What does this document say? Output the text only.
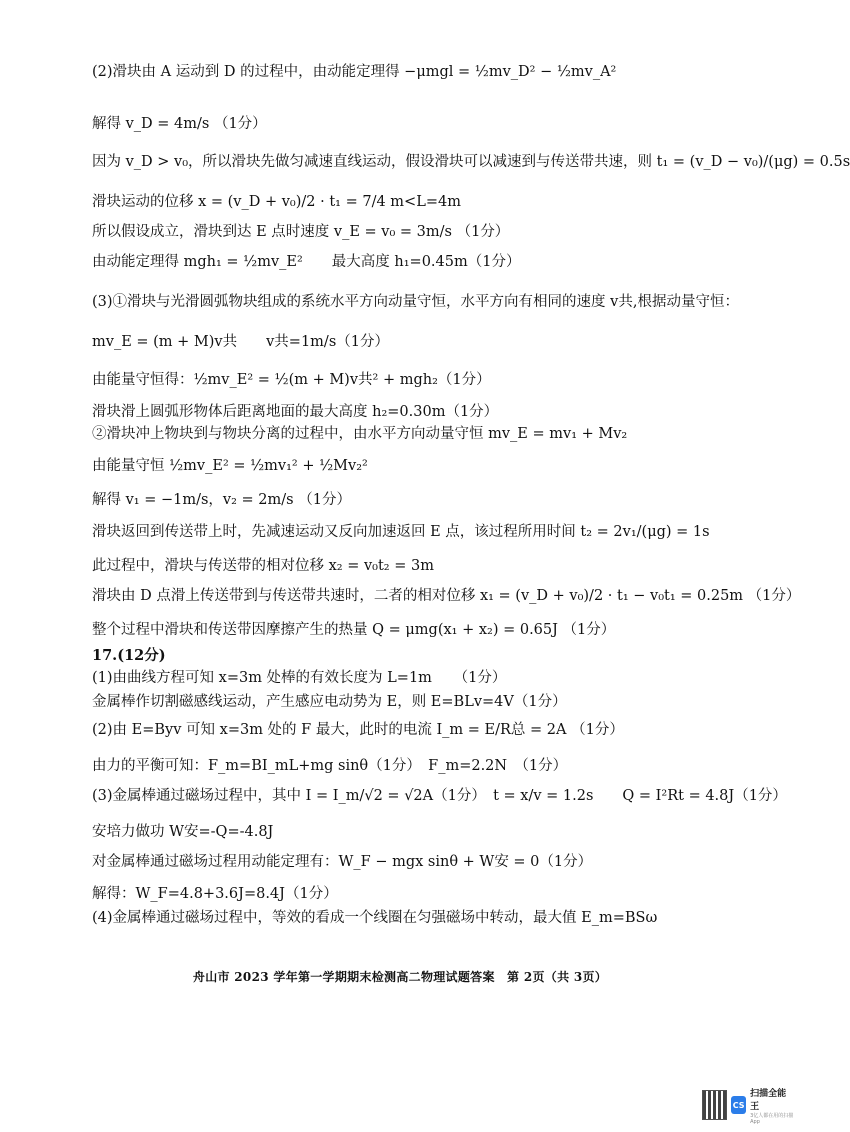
(2)滑块由 A 运动到 D 的过程中，由动能定理得 −μmgl = ½mv_D² − ½mv_A²
解得 v_D = 4m/s （1分）
因为 v_D > v₀，所以滑块先做匀减速直线运动，假设滑块可以减速到与传送带共速，则 t₁ = (v_D − v₀)/(μg) = 0.5s
滑块运动的位移 x = (v_D + v₀)/2 · t₁ = 7/4 m<L=4m
所以假设成立，滑块到达 E 点时速度 v_E = v₀ = 3m/s （1分）
由动能定理得 mgh₁ = ½mv_E²　　最大高度 h₁=0.45m（1分）
(3)①滑块与光滑圆弧物块组成的系统水平方向动量守恒，水平方向有相同的速度 v共,根据动量守恒：
mv_E = (m + M)v共　　v共=1m/s（1分）
由能量守恒得：½mv_E² = ½(m + M)v共² + mgh₂（1分）
滑块滑上圆弧形物体后距离地面的最大高度 h₂=0.30m（1分）
②滑块冲上物块到与物块分离的过程中，由水平方向动量守恒 mv_E = mv₁ + Mv₂
由能量守恒 ½mv_E² = ½mv₁² + ½Mv₂²
解得 v₁ = −1m/s，v₂ = 2m/s （1分）
滑块返回到传送带上时，先减速运动又反向加速返回 E 点，该过程所用时间 t₂ = 2v₁/(μg) = 1s
此过程中，滑块与传送带的相对位移 x₂ = v₀t₂ = 3m
滑块由 D 点滑上传送带到与传送带共速时，二者的相对位移 x₁ = (v_D + v₀)/2 · t₁ − v₀t₁ = 0.25m （1分）
整个过程中滑块和传送带因摩擦产生的热量 Q = μmg(x₁ + x₂) = 0.65J （1分）
17.(12分)
(1)由曲线方程可知 x=3m 处棒的有效长度为 L=1m　　（1分）
金属棒作切割磁感线运动，产生感应电动势为 E，则 E=BLv=4V（1分）
(2)由 E=Byv 可知 x=3m 处的 F 最大，此时的电流 I_m = E/R总 = 2A （1分）
由力的平衡可知：F_m=BI_mL+mg sinθ（1分）　F_m=2.2N　（1分）
(3)金属棒通过磁场过程中，其中 I = I_m/√2 = √2A（1分）　t = x/v = 1.2s　　Q = I²Rt = 4.8J（1分）
安培力做功 W安=-Q=-4.8J
对金属棒通过磁场过程用动能定理有：W_F − mgx sinθ + W安 = 0（1分）
解得：W_F=4.8+3.6J=8.4J（1分）
(4)金属棒通过磁场过程中，等效的看成一个线圈在匀强磁场中转动，最大值 E_m=BSω
舟山市 2023 学年第一学期期末检测高二物理试题答案　第 2页（共 3页）
CS
扫描全能王
3亿人都在用的扫描App
